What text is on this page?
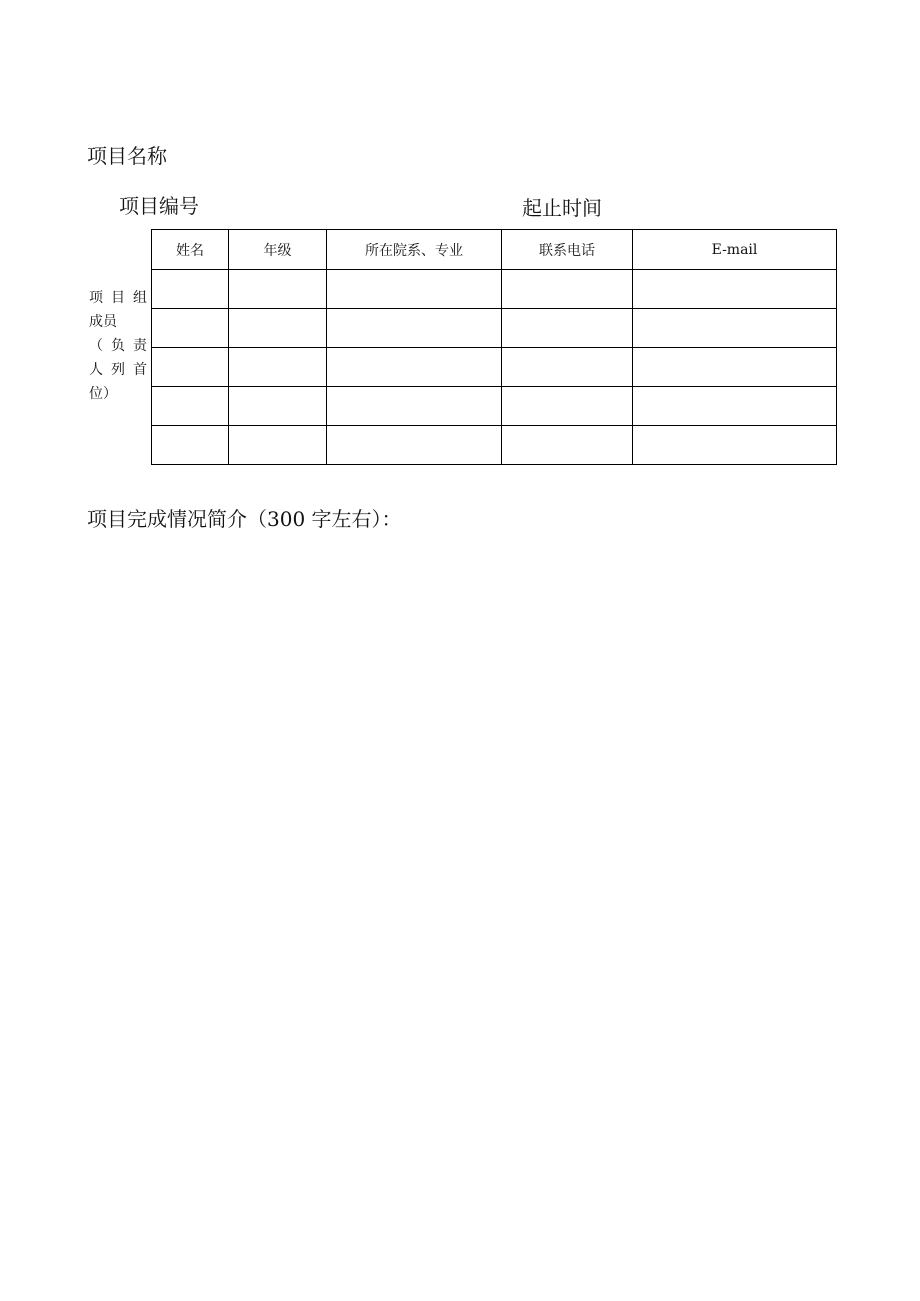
项目名称
项目编号	起止时间
项 目 组
成员
（ 负 责
人 列 首
位）
姓名	年级	所在院系、专业	联系电话	E-mail

项目完成情况简介（300 字左右）：
